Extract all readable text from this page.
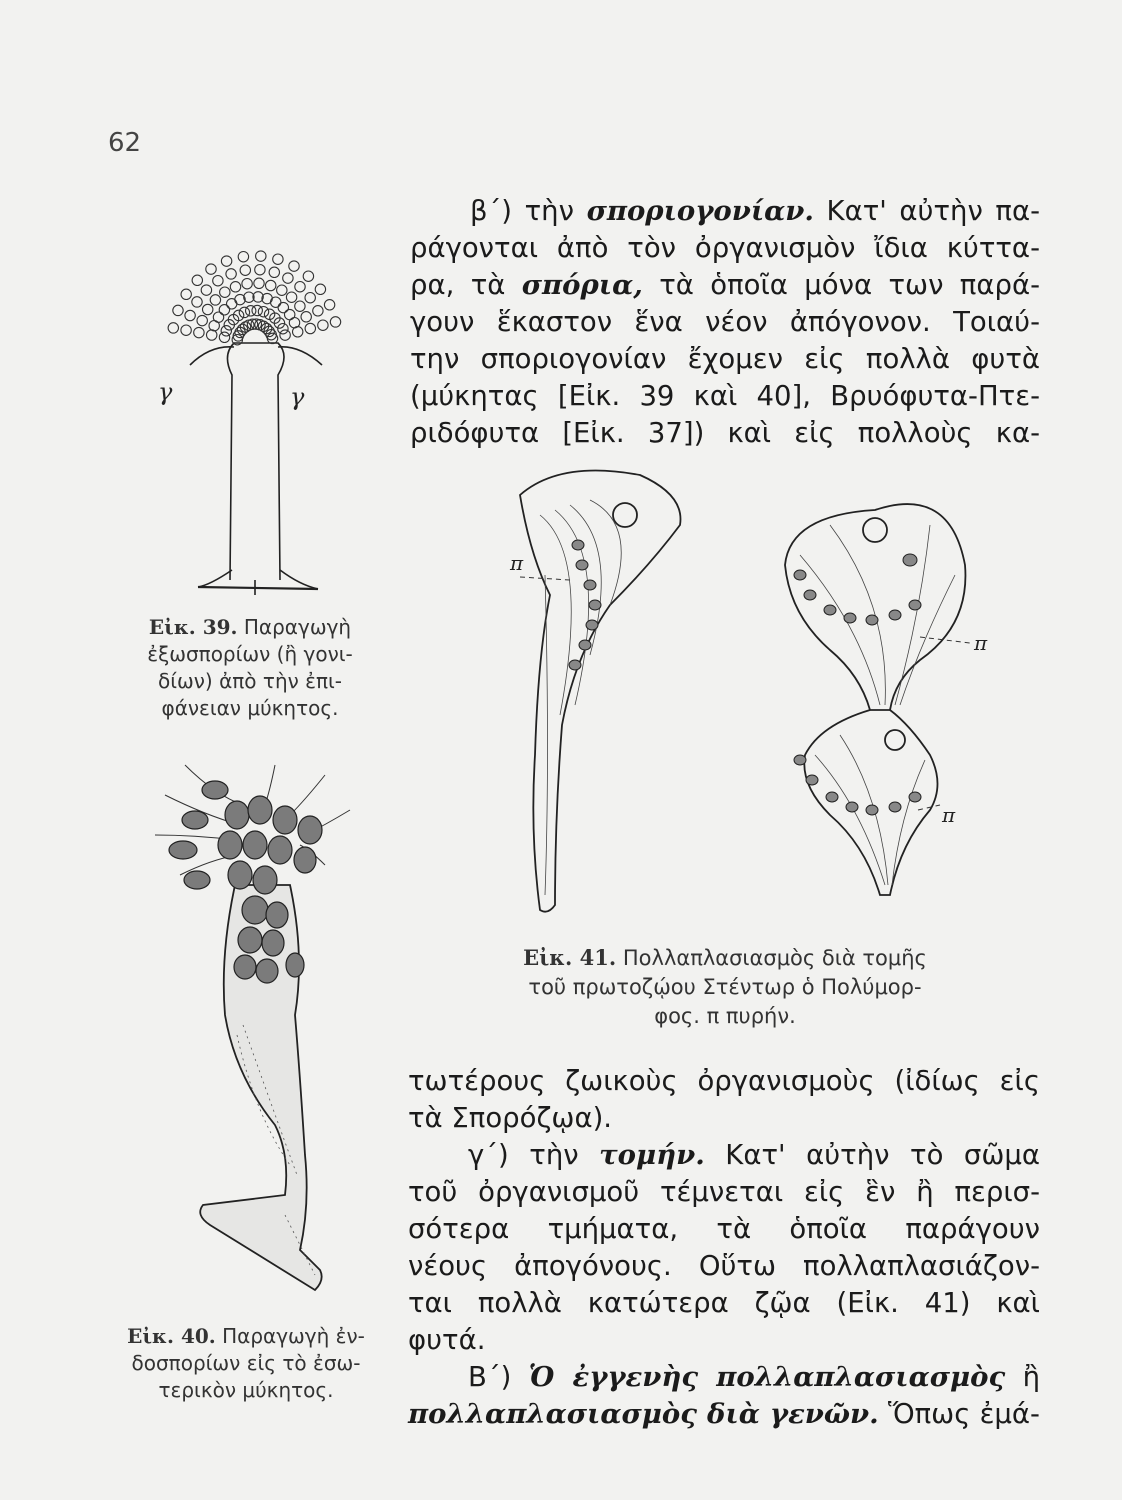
62
β΄) τὴν σποριογονίαν. Κατ' αὐτὴν πα-
ράγονται ἀπὸ τὸν ὀργανισμὸν ἴδια κύττα-
ρα, τὰ σπόρια, τὰ ὁποῖα μόνα των παρά-
γουν ἕκαστον ἕνα νέον ἀπόγονον. Τοιαύ-
την σποριογονίαν ἔχομεν εἰς πολλὰ φυτὰ
(μύκητας [Εἰκ. 39 καὶ 40], Βρυόφυτα-Πτε-
ριδόφυτα [Εἰκ. 37]) καὶ εἰς πολλοὺς κα-
γ	γ
Εἰκ. 39. Παραγωγὴ
ἐξωσπορίων (ἢ γονι-
δίων) ἀπὸ τὴν ἐπι-
φάνειαν μύκητος.
Εἰκ. 40. Παραγωγὴ ἐν-
δοσπορίων εἰς τὸ ἐσω-
τερικὸν μύκητος.
π
π
π
Εἰκ. 41. Πολλαπλασιασμὸς διὰ τομῆς
τοῦ πρωτοζῴου Στέντωρ ὁ Πολύμορ-
φος. π πυρήν.
τωτέρους ζωικοὺς ὀργανισμοὺς (ἰδίως εἰς
τὰ Σπορόζῳα).
γ΄) τὴν τομήν. Κατ' αὐτὴν τὸ σῶμα
τοῦ ὀργανισμοῦ τέμνεται εἰς ἓν ἢ περισ-
σότερα τμήματα, τὰ ὁποῖα παράγουν
νέους ἀπογόνους. Οὕτω πολλαπλασιάζον-
ται πολλὰ κατώτερα ζῷα (Εἰκ. 41) καὶ
φυτά.
Β΄) Ὁ ἐγγενὴς πολλαπλασιασμὸς ἢ
πολλαπλασιασμὸς διὰ γενῶν. Ὅπως ἐμά-
